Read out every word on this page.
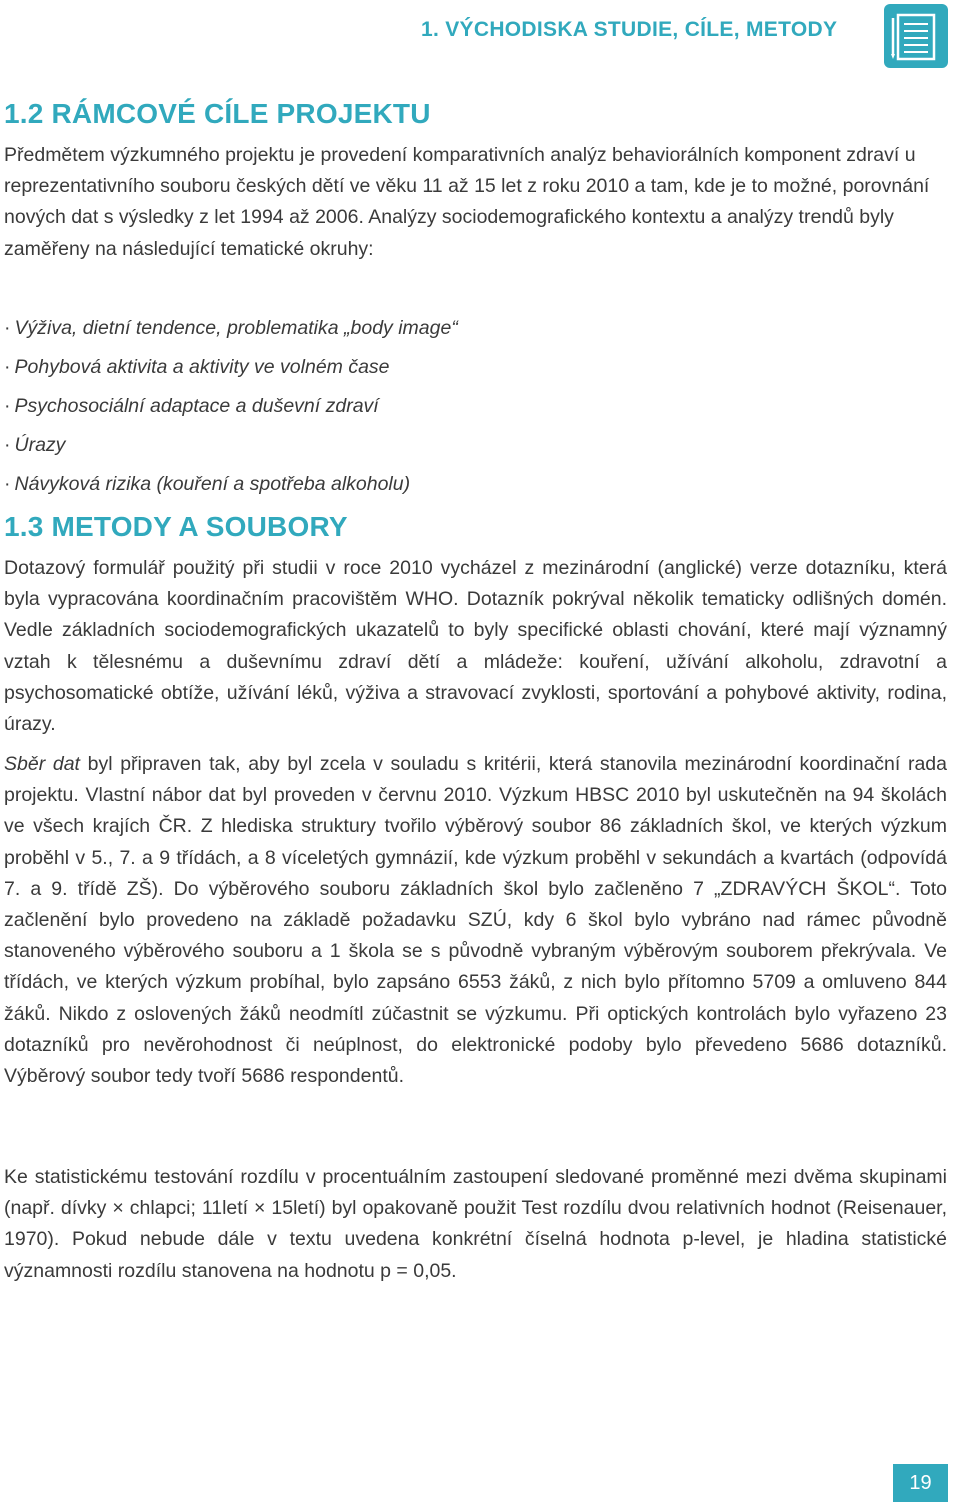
1. VÝCHODISKA STUDIE, CÍLE, METODY
1.2 RÁMCOVÉ CÍLE PROJEKTU

Předmětem výzkumného projektu je provedení komparativních analýz behaviorálních komponent zdraví u reprezentativního souboru českých dětí ve věku 11 až 15 let z roku 2010 a tam, kde je to možné, porovnání nových dat s výsledky z let 1994 až 2006. Analýzy sociodemografického kontextu a analýzy trendů byly zaměřeny na následující tematické okruhy:

· Výživa, dietní tendence, problematika „body image“
· Pohybová aktivita a aktivity ve volném čase
· Psychosociální adaptace a duševní zdraví
· Úrazy
· Návyková rizika (kouření a spotřeba alkoholu)
1.3 METODY A SOUBORY

Dotazový formulář použitý při studii v roce 2010 vycházel z mezinárodní (anglické) verze dotazníku, která byla vypracována koordinačním pracovištěm WHO. Dotazník pokrýval několik tematicky odlišných domén. Vedle základních sociodemografických ukazatelů to byly specifické oblasti chování, které mají významný vztah k tělesnému a duševnímu zdraví dětí a mládeže: kouření, užívání alkoholu, zdravotní a psychosomatické obtíže, užívání léků, výživa a stravovací zvyklosti, sportování a pohybové aktivity, rodina, úrazy.

Sběr dat byl připraven tak, aby byl zcela v souladu s kritérii, která stanovila mezinárodní koordinační rada projektu. Vlastní nábor dat byl proveden v červnu 2010. Výzkum HBSC 2010 byl uskutečněn na 94 školách ve všech krajích ČR. Z hlediska struktury tvořilo výběrový soubor 86 základních škol, ve kterých výzkum proběhl v 5., 7. a 9 třídách, a 8 víceletých gymnázií, kde výzkum proběhl v sekundách a kvartách (odpovídá 7. a 9. třídě ZŠ). Do výběrového souboru základních škol bylo začleněno 7 „ZDRAVÝCH ŠKOL“. Toto začlenění bylo provedeno na základě požadavku SZÚ, kdy 6 škol bylo vybráno nad rámec původně stanoveného výběrového souboru a 1 škola se s původně vybraným výběrovým souborem překrývala. Ve třídách, ve kterých výzkum probíhal, bylo zapsáno 6553 žáků, z nich bylo přítomno 5709 a omluveno 844 žáků. Nikdo z oslovených žáků neodmítl zúčastnit se výzkumu. Při optických kontrolách bylo vyřazeno 23 dotazníků pro nevěrohodnost či neúplnost, do elektronické podoby bylo převedeno 5686 dotazníků. Výběrový soubor tedy tvoří 5686 respondentů.

Ke statistickému testování rozdílu v procentuálním zastoupení sledované proměnné mezi dvěma skupinami (např. dívky × chlapci; 11letí × 15letí) byl opakovaně použit Test rozdílu dvou relativních hodnot (Reisenauer, 1970). Pokud nebude dále v textu uvedena konkrétní číselná hodnota p-level, je hladina statistické významnosti rozdílu stanovena na hodnotu p = 0,05.

19
